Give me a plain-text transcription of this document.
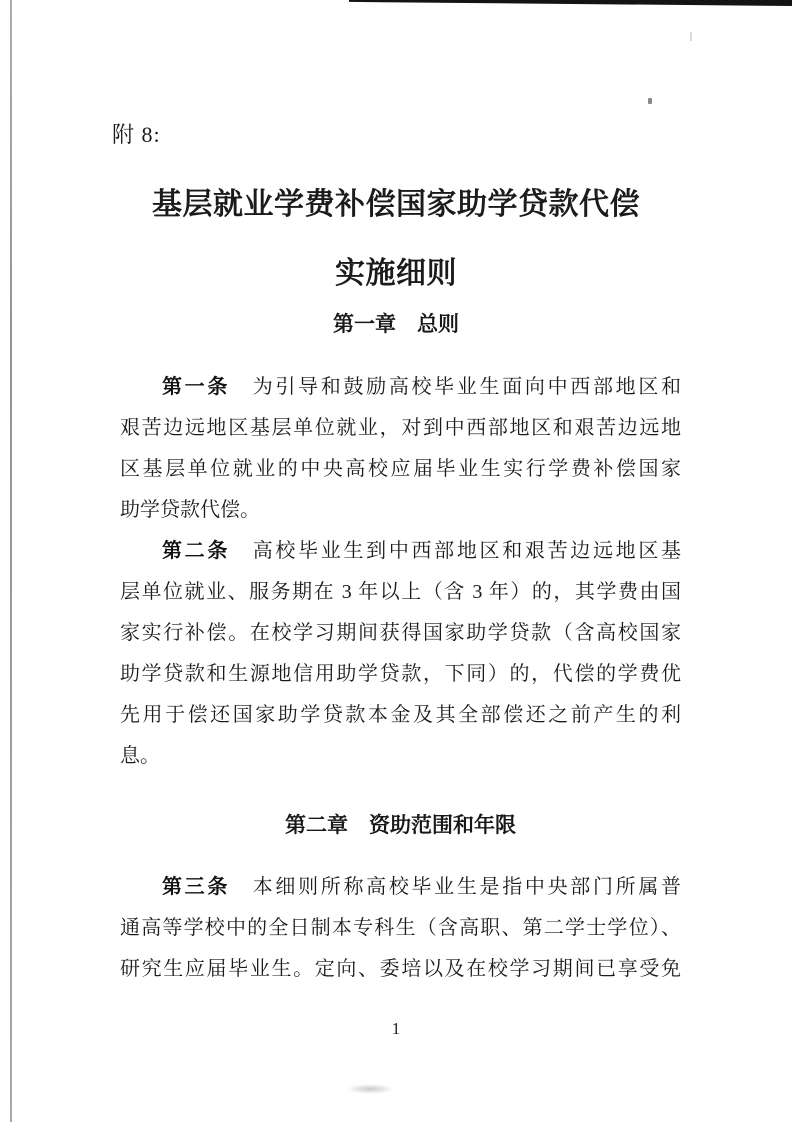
附 8:
基层就业学费补偿国家助学贷款代偿
实施细则
第一章　总则
第一条　为引导和鼓励高校毕业生面向中西部地区和
艰苦边远地区基层单位就业，对到中西部地区和艰苦边远地
区基层单位就业的中央高校应届毕业生实行学费补偿国家
助学贷款代偿。
第二条　高校毕业生到中西部地区和艰苦边远地区基
层单位就业、服务期在 3 年以上（含 3 年）的，其学费由国
家实行补偿。在校学习期间获得国家助学贷款（含高校国家
助学贷款和生源地信用助学贷款，下同）的，代偿的学费优
先用于偿还国家助学贷款本金及其全部偿还之前产生的利
息。
第二章　资助范围和年限
第三条　本细则所称高校毕业生是指中央部门所属普
通高等学校中的全日制本专科生（含高职、第二学士学位）、
研究生应届毕业生。定向、委培以及在校学习期间已享受免
1
